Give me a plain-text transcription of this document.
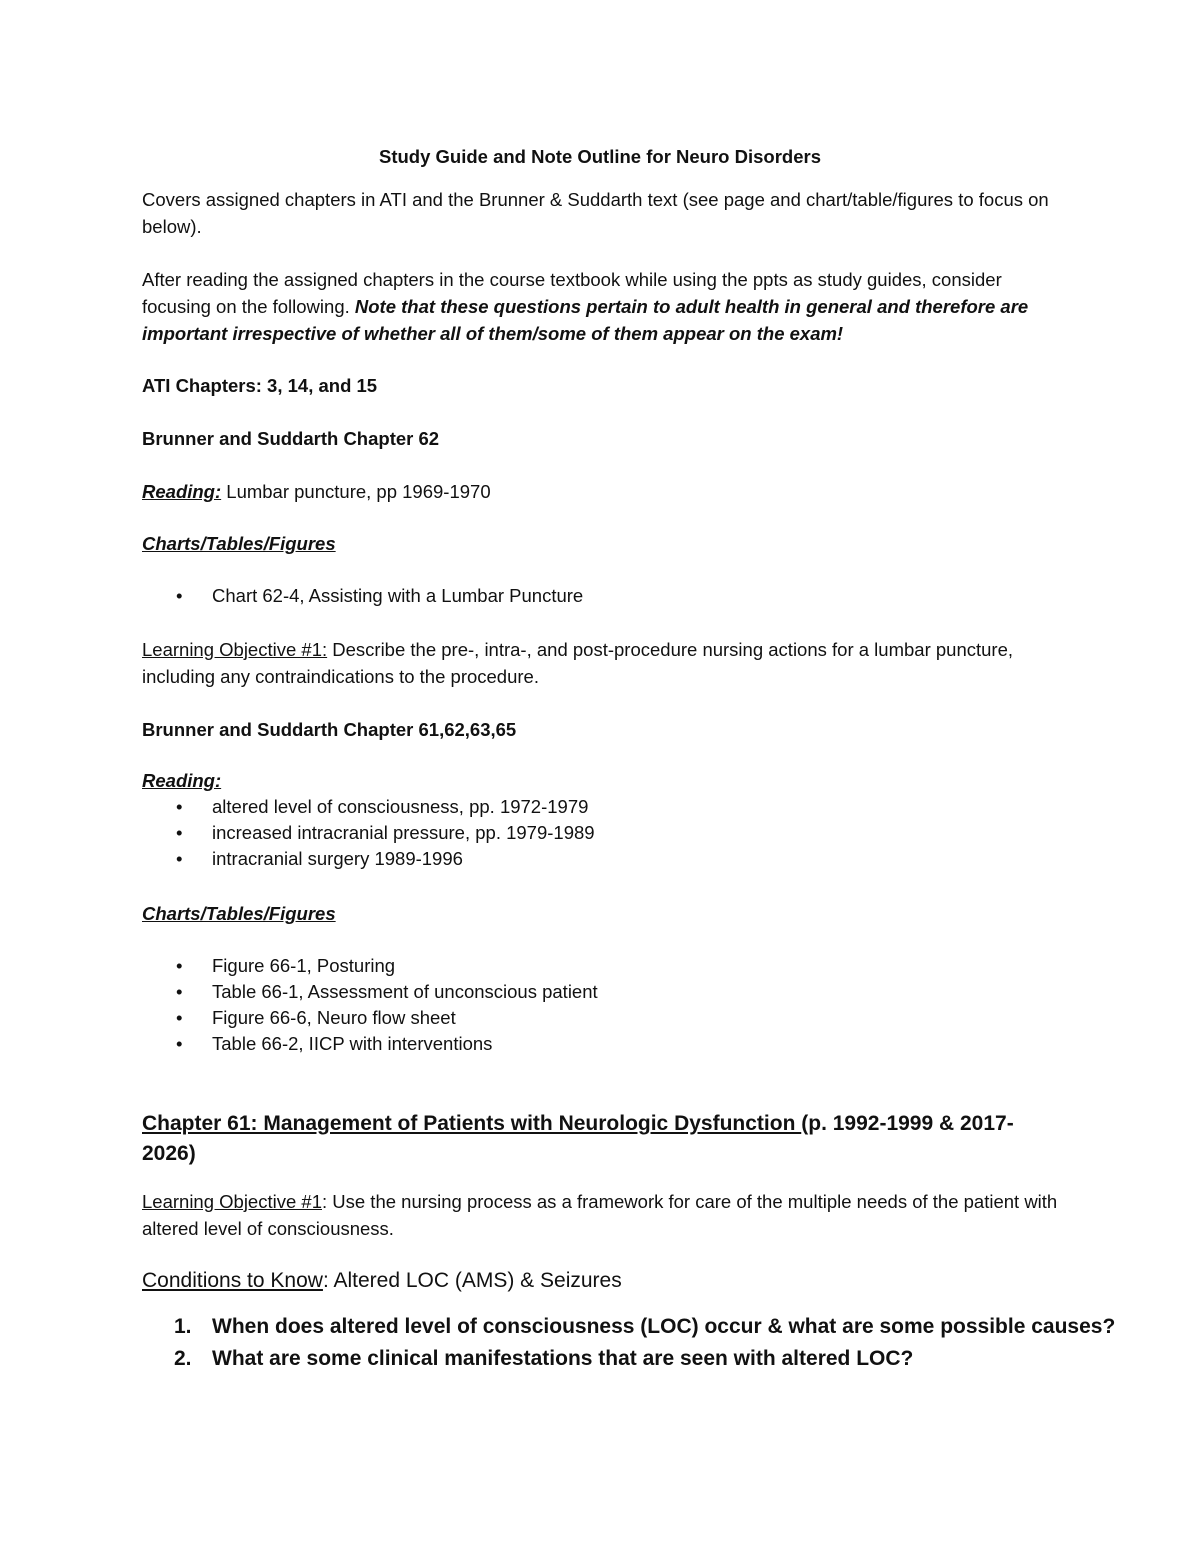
Study Guide and Note Outline for Neuro Disorders

Covers assigned chapters in ATI and the Brunner & Suddarth text (see page and chart/table/figures to focus on below).

After reading the assigned chapters in the course textbook while using the ppts as study guides, consider focusing on the following. Note that these questions pertain to adult health in general and therefore are important irrespective of whether all of them/some of them appear on the exam!

ATI Chapters: 3, 14, and 15

Brunner and Suddarth Chapter 62

Reading: Lumbar puncture, pp 1969-1970

Charts/Tables/Figures

• Chart 62-4, Assisting with a Lumbar Puncture

Learning Objective #1: Describe the pre-, intra-, and post-procedure nursing actions for a lumbar puncture, including any contraindications to the procedure.

Brunner and Suddarth Chapter 61,62,63,65

Reading:

• altered level of consciousness, pp. 1972-1979
• increased intracranial pressure, pp. 1979-1989
• intracranial surgery 1989-1996

Charts/Tables/Figures

• Figure 66-1, Posturing
• Table 66-1, Assessment of unconscious patient
• Figure 66-6, Neuro flow sheet
• Table 66-2, IICP with interventions

Chapter 61: Management of Patients with Neurologic Dysfunction (p. 1992-1999 & 2017-2026)

Learning Objective #1: Use the nursing process as a framework for care of the multiple needs of the patient with altered level of consciousness.

Conditions to Know: Altered LOC (AMS) & Seizures

1. When does altered level of consciousness (LOC) occur & what are some possible causes?
2. What are some clinical manifestations that are seen with altered LOC?
